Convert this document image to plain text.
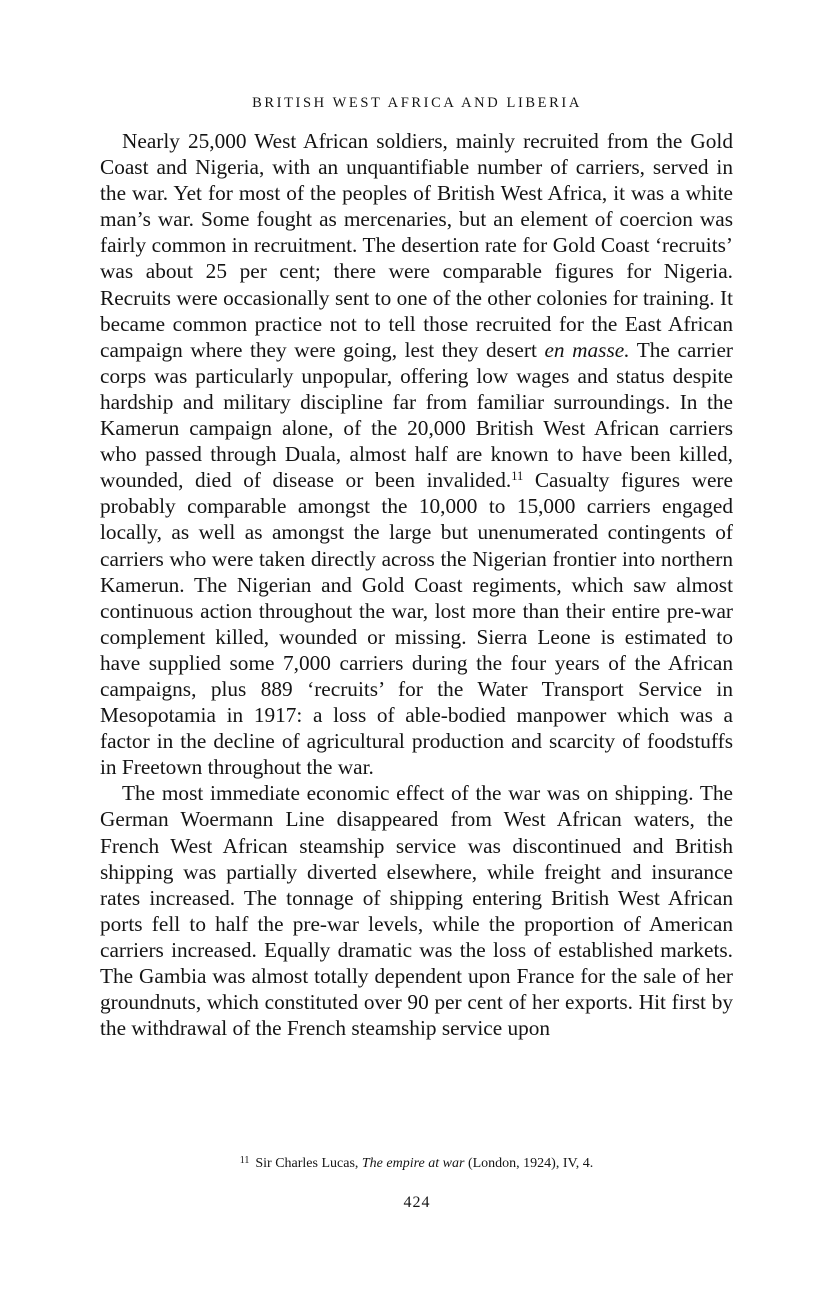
BRITISH WEST AFRICA AND LIBERIA

Nearly 25,000 West African soldiers, mainly recruited from the Gold Coast and Nigeria, with an unquantifiable number of carriers, served in the war. Yet for most of the peoples of British West Africa, it was a white man’s war. Some fought as mercenaries, but an element of coercion was fairly common in recruitment. The desertion rate for Gold Coast ‘recruits’ was about 25 per cent; there were comparable figures for Nigeria. Recruits were occasionally sent to one of the other colonies for training. It became common practice not to tell those recruited for the East African campaign where they were going, lest they desert en masse. The carrier corps was particularly unpopular, offering low wages and status despite hardship and military discipline far from familiar surroundings. In the Kamerun campaign alone, of the 20,000 British West African carriers who passed through Duala, almost half are known to have been killed, wounded, died of disease or been invalided.$^{11}$ Casualty figures were probably comparable amongst the 10,000 to 15,000 carriers engaged locally, as well as amongst the large but unenumerated contingents of carriers who were taken directly across the Nigerian frontier into northern Kamerun. The Nigerian and Gold Coast regiments, which saw almost continuous action throughout the war, lost more than their entire pre-war complement killed, wounded or missing. Sierra Leone is estimated to have supplied some 7,000 carriers during the four years of the African campaigns, plus 889 ‘recruits’ for the Water Transport Service in Mesopotamia in 1917: a loss of able-bodied manpower which was a factor in the decline of agricultural production and scarcity of foodstuffs in Freetown throughout the war.

The most immediate economic effect of the war was on shipping. The German Woermann Line disappeared from West African waters, the French West African steamship service was discontinued and British shipping was partially diverted elsewhere, while freight and insurance rates increased. The tonnage of shipping entering British West African ports fell to half the pre-war levels, while the proportion of American carriers increased. Equally dramatic was the loss of established markets. The Gambia was almost totally dependent upon France for the sale of her groundnuts, which constituted over 90 per cent of her exports. Hit first by the withdrawal of the French steamship service upon

$^{11}$ Sir Charles Lucas, The empire at war (London, 1924), IV, 4.
424
